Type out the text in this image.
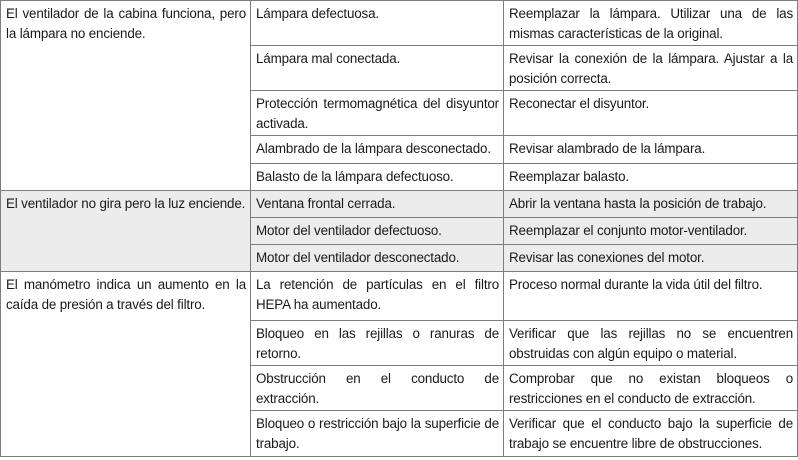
El ventilador de la cabina funciona, pero la lámpara no enciende.	Lámpara defectuosa.	Reemplazar la lámpara. Utilizar una de las mismas características de la original.
	Lámpara mal conectada.	Revisar la conexión de la lámpara. Ajustar a la posición correcta.
	Protección termomagnética del disyuntor activada.	Reconectar el disyuntor.
	Alambrado de la lámpara desconectado.	Revisar alambrado de la lámpara.
	Balasto de la lámpara defectuoso.	Reemplazar balasto.
El ventilador no gira pero la luz enciende.	Ventana frontal cerrada.	Abrir la ventana hasta la posición de trabajo.
	Motor del ventilador defectuoso.	Reemplazar el conjunto motor-ventilador.
	Motor del ventilador desconectado.	Revisar las conexiones del motor.
El manómetro indica un aumento en la caída de presión a través del filtro.	La retención de partículas en el filtro HEPA ha aumentado.	Proceso normal durante la vida útil del filtro.
	Bloqueo en las rejillas o ranuras de retorno.	Verificar que las rejillas no se encuentren obstruidas con algún equipo o material.
	Obstrucción en el conducto de extracción.	Comprobar que no existan bloqueos o restricciones en el conducto de extracción.
	Bloqueo o restricción bajo la superficie de trabajo.	Verificar que el conducto bajo la superficie de trabajo se encuentre libre de obstrucciones.
